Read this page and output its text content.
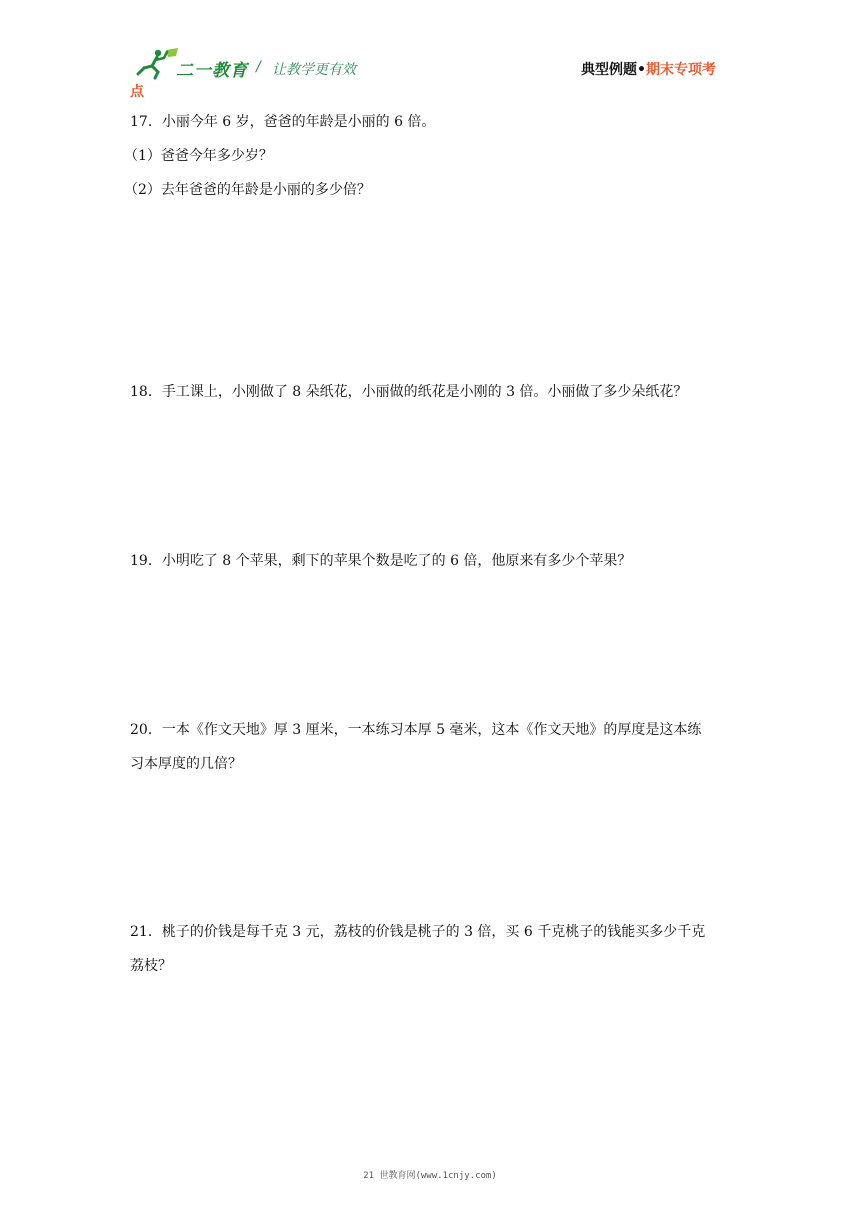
二一教育 / 让教学更有效	典型例题•期末专项考
点

17．小丽今年 6 岁，爸爸的年龄是小丽的 6 倍。

（1）爸爸今年多少岁？

（2）去年爸爸的年龄是小丽的多少倍？

18．手工课上，小刚做了 8 朵纸花，小丽做的纸花是小刚的 3 倍。小丽做了多少朵纸花？

19．小明吃了 8 个苹果，剩下的苹果个数是吃了的 6 倍，他原来有多少个苹果？

20．一本《作文天地》厚 3 厘米，一本练习本厚 5 毫米，这本《作文天地》的厚度是这本练

习本厚度的几倍？

21．桃子的价钱是每千克 3 元，荔枝的价钱是桃子的 3 倍，买 6 千克桃子的钱能买多少千克

荔枝？

21 世教育网(www.1cnjy.com)
